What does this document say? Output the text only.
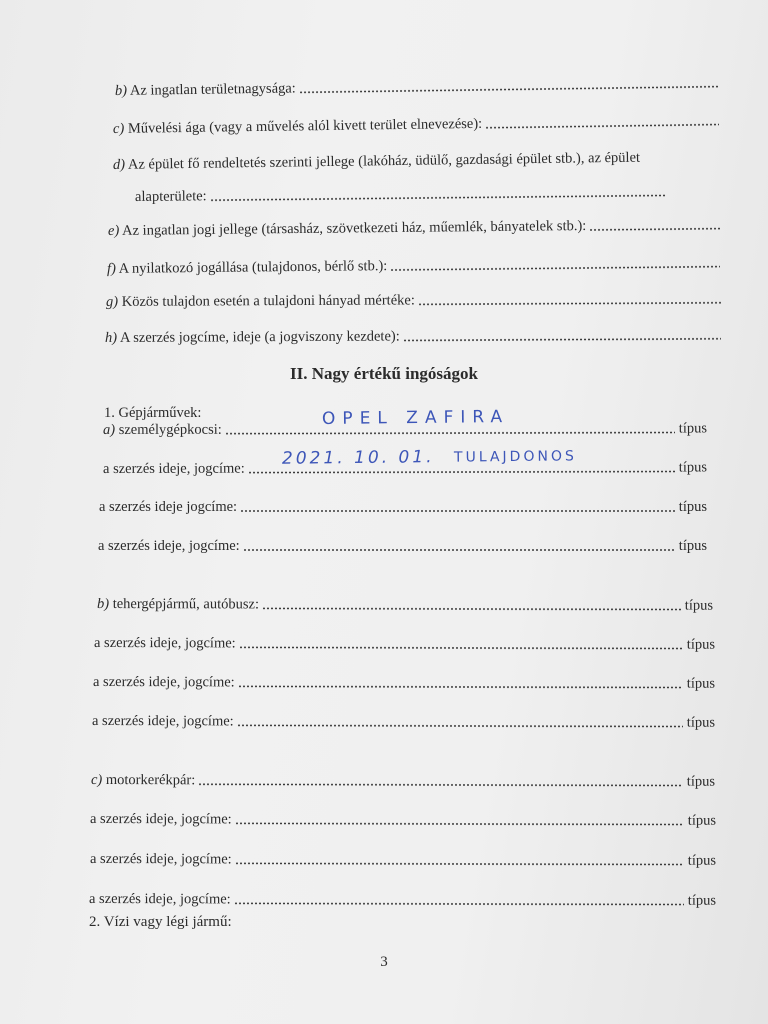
b) Az ingatlan területnagysága:
c) Művelési ága (vagy a művelés alól kivett terület elnevezése):
d) Az épület fő rendeltetés szerinti jellege (lakóház, üdülő, gazdasági épület stb.), az épület
alapterülete:
e) Az ingatlan jogi jellege (társasház, szövetkezeti ház, műemlék, bányatelek stb.):
f) A nyilatkozó jogállása (tulajdonos, bérlő stb.):
g) Közös tulajdon esetén a tulajdoni hányad mértéke:
h) A szerzés jogcíme, ideje (a jogviszony kezdete):
II. Nagy értékű ingóságok
1. Gépjárművek:
a) személygépkocsi:	típus
OPEL ZAFIRA
a szerzés ideje, jogcíme:	típus
2021. 10. 01. TULAJDONOS
a szerzés ideje jogcíme:	típus
a szerzés ideje, jogcíme:	típus
b) tehergépjármű, autóbusz:	típus
a szerzés ideje, jogcíme:	típus
a szerzés ideje, jogcíme:	típus
a szerzés ideje, jogcíme:	típus
c) motorkerékpár:	típus
a szerzés ideje, jogcíme:	típus
a szerzés ideje, jogcíme:	típus
a szerzés ideje, jogcíme:	típus
2. Vízi vagy légi jármű:
3
